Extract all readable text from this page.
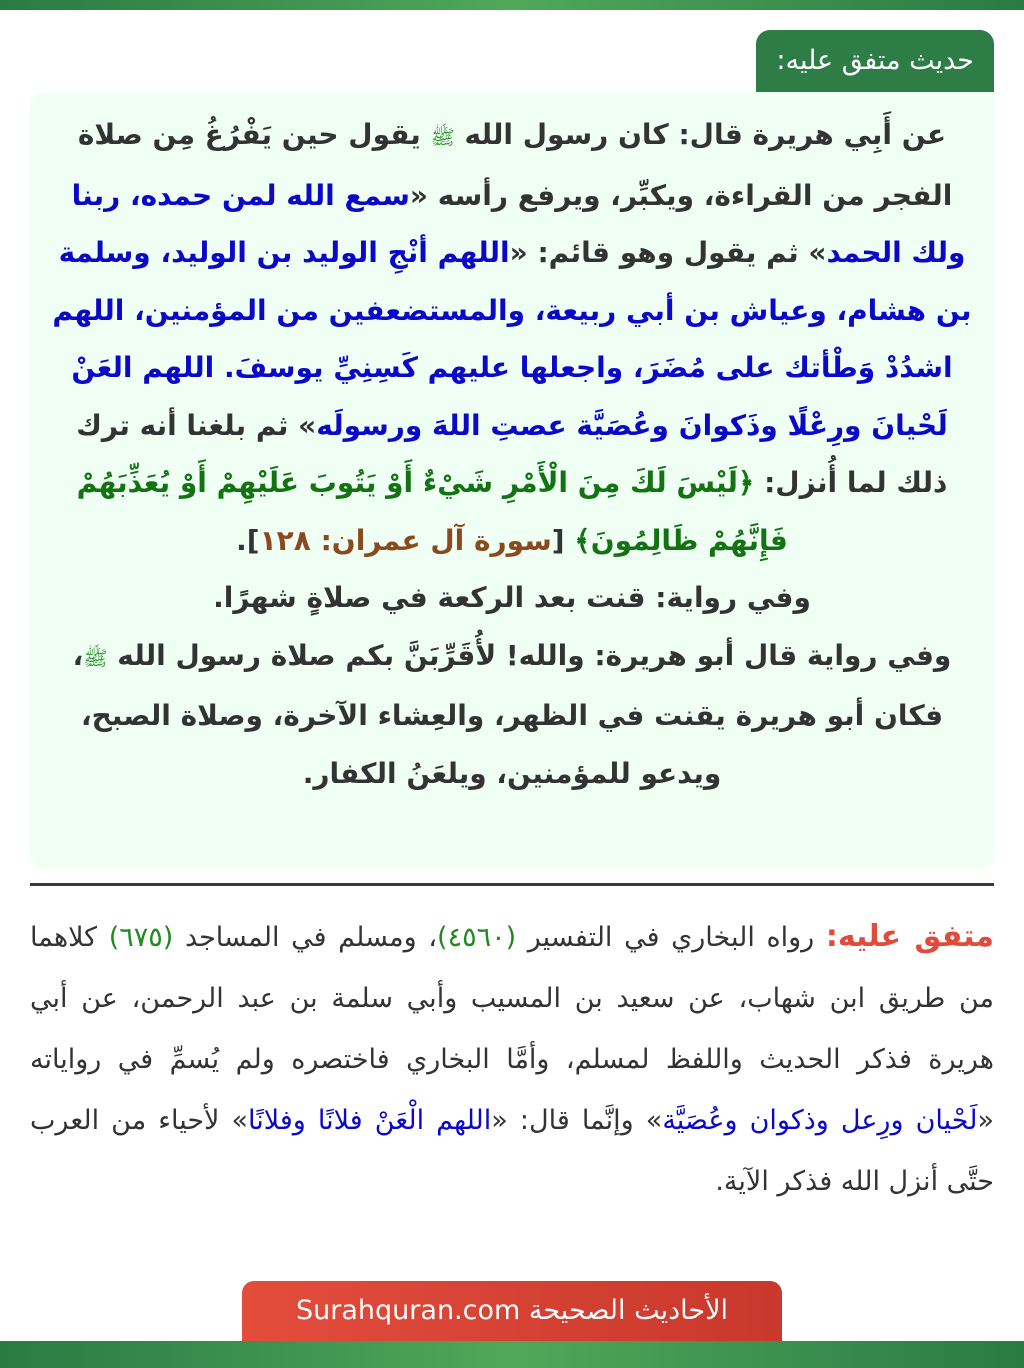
حديث متفق عليه:
عن أَبِي هريرة قال: كان رسول الله ﷺ يقول حين يَفْرُغُ مِن صلاة الفجر من القراءة، ويكبِّر، ويرفع رأسه «سمع الله لمن حمده، ربنا ولك الحمد» ثم يقول وهو قائم: «اللهم أنْجِ الوليد بن الوليد، وسلمة بن هشام، وعياش بن أبي ربيعة، والمستضعفين من المؤمنين، اللهم اشدُدْ وَطْأتك على مُضَرَ، واجعلها عليهم كَسِنِيِّ يوسفَ. اللهم العَنْ لَحْيانَ ورِعْلًا وذَكوانَ وعُصَيَّة عصتِ اللهَ ورسولَه» ثم بلغنا أنه ترك ذلك لما أُنزل: ﴿لَيْسَ لَكَ مِنَ الْأَمْرِ شَيْءٌ أَوْ يَتُوبَ عَلَيْهِمْ أَوْ يُعَذِّبَهُمْ فَإِنَّهُمْ ظَالِمُونَ﴾ [سورة آل عمران: ١٢٨].
وفي رواية: قنت بعد الركعة في صلاةٍ شهرًا.
وفي رواية قال أبو هريرة: والله! لأُقَرِّبَنَّ بكم صلاة رسول الله ﷺ، فكان أبو هريرة يقنت في الظهر، والعِشاء الآخرة، وصلاة الصبح، ويدعو للمؤمنين، ويلعَنُ الكفار.
متفق عليه: رواه البخاري في التفسير (٤٥٦٠)، ومسلم في المساجد (٦٧٥) كلاهما من طريق ابن شهاب، عن سعيد بن المسيب وأبي سلمة بن عبد الرحمن، عن أبي هريرة فذكر الحديث واللفظ لمسلم، وأمَّا البخاري فاختصره ولم يُسمِّ في رواياته «لَحْيان ورِعل وذكوان وعُصَيَّة» وإنَّما قال: «اللهم الْعَنْ فلانًا وفلانًا» لأحياء من العرب حتَّى أنزل الله فذكر الآية.
الأحاديث الصحيحة Surahquran.com
